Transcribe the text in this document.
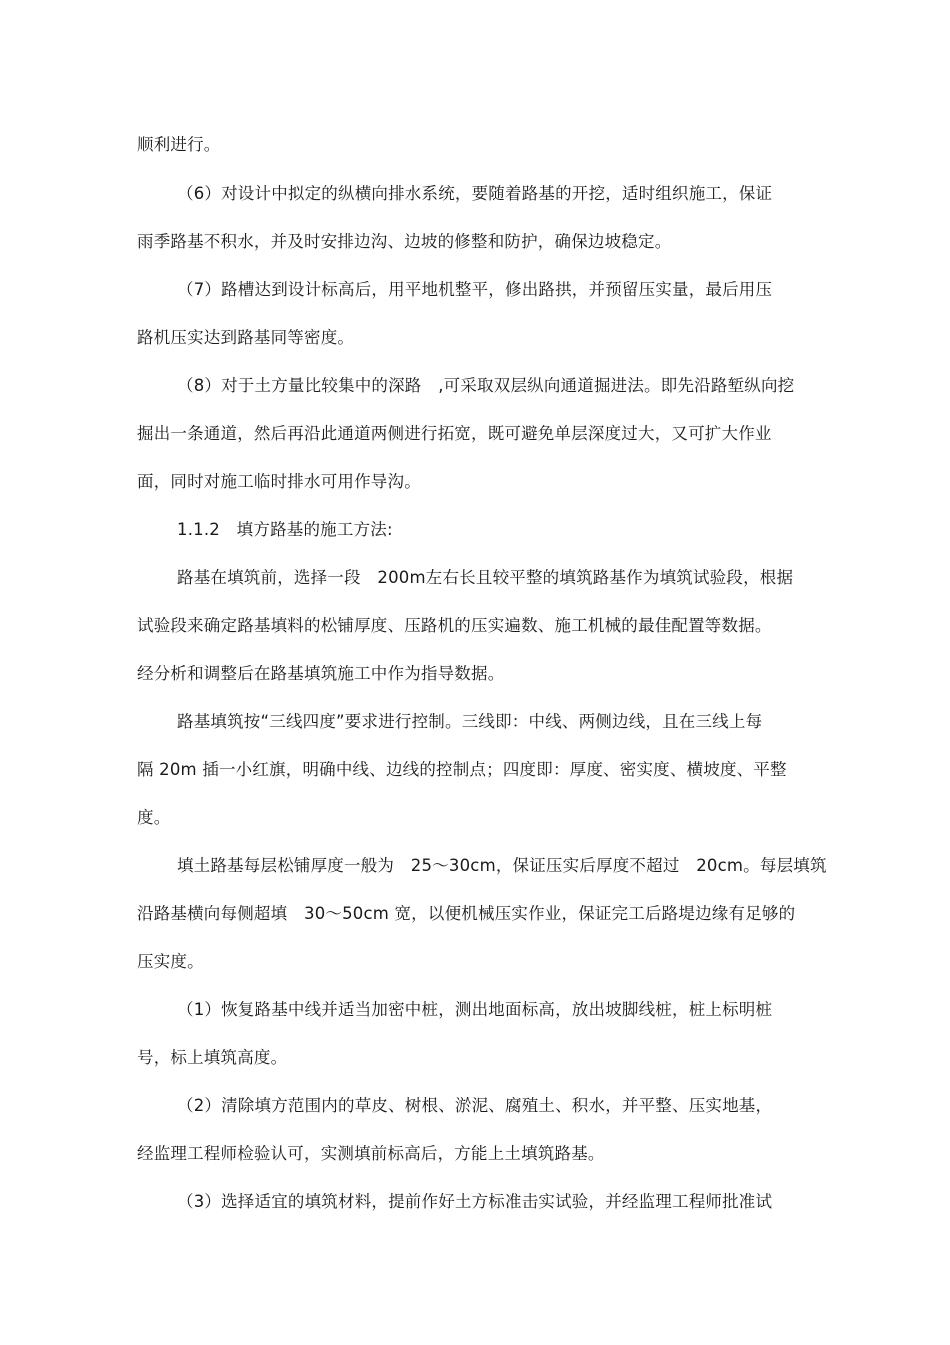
顺利进行。
（6）对设计中拟定的纵横向排水系统，要随着路基的开挖，适时组织施工，保证
雨季路基不积水，并及时安排边沟、边坡的修整和防护，确保边坡稳定。
（7）路槽达到设计标高后，用平地机整平，修出路拱，并预留压实量，最后用压
路机压实达到路基同等密度。
（8）对于土方量比较集中的深路　,可采取双层纵向通道掘进法。即先沿路堑纵向挖
掘出一条通道，然后再沿此通道两侧进行拓宽，既可避免单层深度过大，又可扩大作业
面，同时对施工临时排水可用作导沟。
1.1.2　填方路基的施工方法:
路基在填筑前，选择一段　200m左右长且较平整的填筑路基作为填筑试验段，根据
试验段来确定路基填料的松铺厚度、压路机的压实遍数、施工机械的最佳配置等数据。
经分析和调整后在路基填筑施工中作为指导数据。
路基填筑按“三线四度”要求进行控制。三线即：中线、两侧边线，且在三线上每
隔 20m 插一小红旗，明确中线、边线的控制点；四度即：厚度、密实度、横坡度、平整
度。
填土路基每层松铺厚度一般为　25～30cm，保证压实后厚度不超过　20cm。每层填筑
沿路基横向每侧超填　30～50cm 宽，以便机械压实作业，保证完工后路堤边缘有足够的
压实度。
（1）恢复路基中线并适当加密中桩，测出地面标高，放出坡脚线桩，桩上标明桩
号，标上填筑高度。
（2）清除填方范围内的草皮、树根、淤泥、腐殖土、积水，并平整、压实地基，
经监理工程师检验认可，实测填前标高后，方能上土填筑路基。
（3）选择适宜的填筑材料，提前作好土方标准击实试验，并经监理工程师批准试
